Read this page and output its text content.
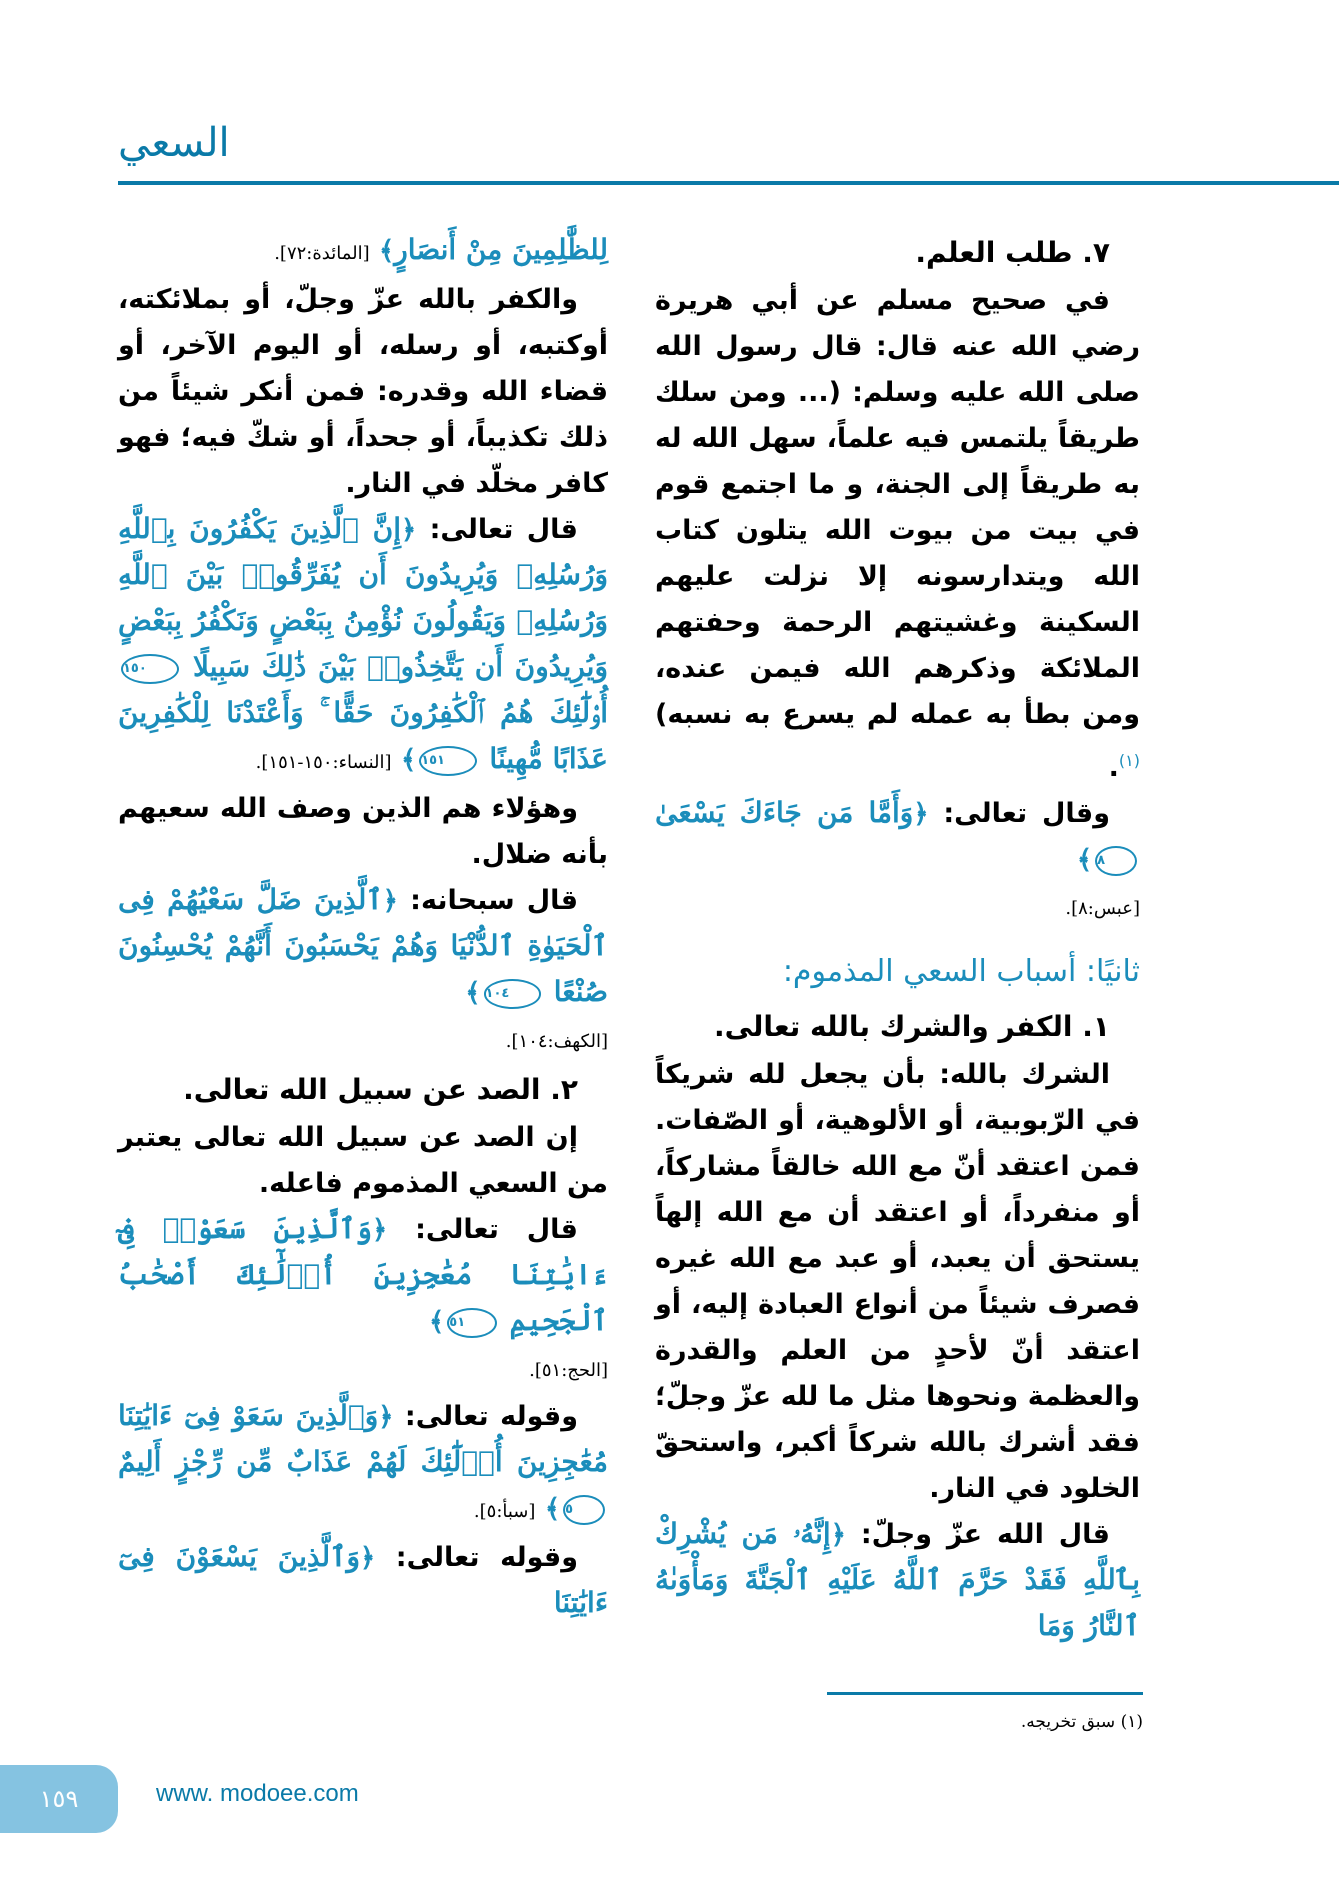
السعي

٧. طلب العلم.

في صحيح مسلم عن أبي هريرة رضي الله عنه قال: قال رسول الله صلى الله عليه وسلم: (... ومن سلك طريقاً يلتمس فيه علماً، سهل الله له به طريقاً إلى الجنة، و ما اجتمع قوم في بيت من بيوت الله يتلون كتاب الله ويتدارسونه إلا نزلت عليهم السكينة وغشيتهم الرحمة وحفتهم الملائكة وذكرهم الله فيمن عنده، ومن بطأ به عمله لم يسرع به نسبه)$^{(١)}$.

وقال تعالى: ﴿وَأَمَّا مَن جَاءَكَ يَسْعَىٰ٨﴾
[عبس:٨].

ثانيًا: أسباب السعي المذموم:

١. الكفر والشرك بالله تعالى.

الشرك بالله: بأن يجعل لله شريكاً في الرّبوبية، أو الألوهية، أو الصّفات. فمن اعتقد أنّ مع الله خالقاً مشاركاً، أو منفرداً، أو اعتقد أن مع الله إلهاً يستحق أن يعبد، أو عبد مع الله غيره فصرف شيئاً من أنواع العبادة إليه، أو اعتقد أنّ لأحدٍ من العلم والقدرة والعظمة ونحوها مثل ما لله عزّ وجلّ؛ فقد أشرك بالله شركاً أكبر، واستحقّ الخلود في النار.

قال الله عزّ وجلّ: ﴿إِنَّهُۥ مَن يُشْرِكْ بِٱللَّهِ فَقَدْ حَرَّمَ ٱللَّهُ عَلَيْهِ ٱلْجَنَّةَ وَمَأْوَىٰهُ ٱلنَّارُ وَمَا

لِلظَّٰلِمِينَ مِنْ أَنصَارٍ﴾ [المائدة:٧٢].

والكفر بالله عزّ وجلّ، أو بملائكته، أوكتبه، أو رسله، أو اليوم الآخر، أو قضاء الله وقدره: فمن أنكر شيئاً من ذلك تكذيباً، أو جحداً، أو شكّ فيه؛ فهو كافر مخلّد في النار.

قال تعالى: ﴿إِنَّ ٱلَّذِينَ يَكْفُرُونَ بِٱللَّهِ وَرُسُلِهِۦ وَيُرِيدُونَ أَن يُفَرِّقُوا۟ بَيْنَ ٱللَّهِ وَرُسُلِهِۦ وَيَقُولُونَ نُؤْمِنُ بِبَعْضٍ وَنَكْفُرُ بِبَعْضٍ وَيُرِيدُونَ أَن يَتَّخِذُوا۟ بَيْنَ ذَٰلِكَ سَبِيلًا ١٥٠ أُو۟لَٰٓئِكَ هُمُ ٱلْكَٰفِرُونَ حَقًّا ۚ وَأَعْتَدْنَا لِلْكَٰفِرِينَ عَذَابًا مُّهِينًا ١٥١﴾ [النساء:١٥٠-١٥١].

وهؤلاء هم الذين وصف الله سعيهم بأنه ضلال.

قال سبحانه: ﴿ٱلَّذِينَ ضَلَّ سَعْيُهُمْ فِى ٱلْحَيَوٰةِ ٱلدُّنْيَا وَهُمْ يَحْسَبُونَ أَنَّهُمْ يُحْسِنُونَ صُنْعًا ١٠٤﴾
[الكهف:١٠٤].

٢. الصد عن سبيل الله تعالى.

إن الصد عن سبيل الله تعالى يعتبر من السعي المذموم فاعله.

قال تعالى: ﴿وَٱلَّذِينَ سَعَوْا۟ فِىٓ ءَايَٰتِنَا مُعَٰجِزِينَ أُو۟لَٰٓئِكَ أَصْحَٰبُ ٱلْجَحِيمِ ٥١﴾
[الحج:٥١].

وقوله تعالى: ﴿وَٱلَّذِينَ سَعَوْ فِىٓ ءَايَٰتِنَا مُعَٰجِزِينَ أُو۟لَٰٓئِكَ لَهُمْ عَذَابٌ مِّن رِّجْزٍ أَلِيمٌ ٥﴾ [سبأ:٥].

وقوله تعالى: ﴿وَٱلَّذِينَ يَسْعَوْنَ فِىٓ ءَايَٰتِنَا

(١) سبق تخريجه.
١٥٩	www. modoee.com
